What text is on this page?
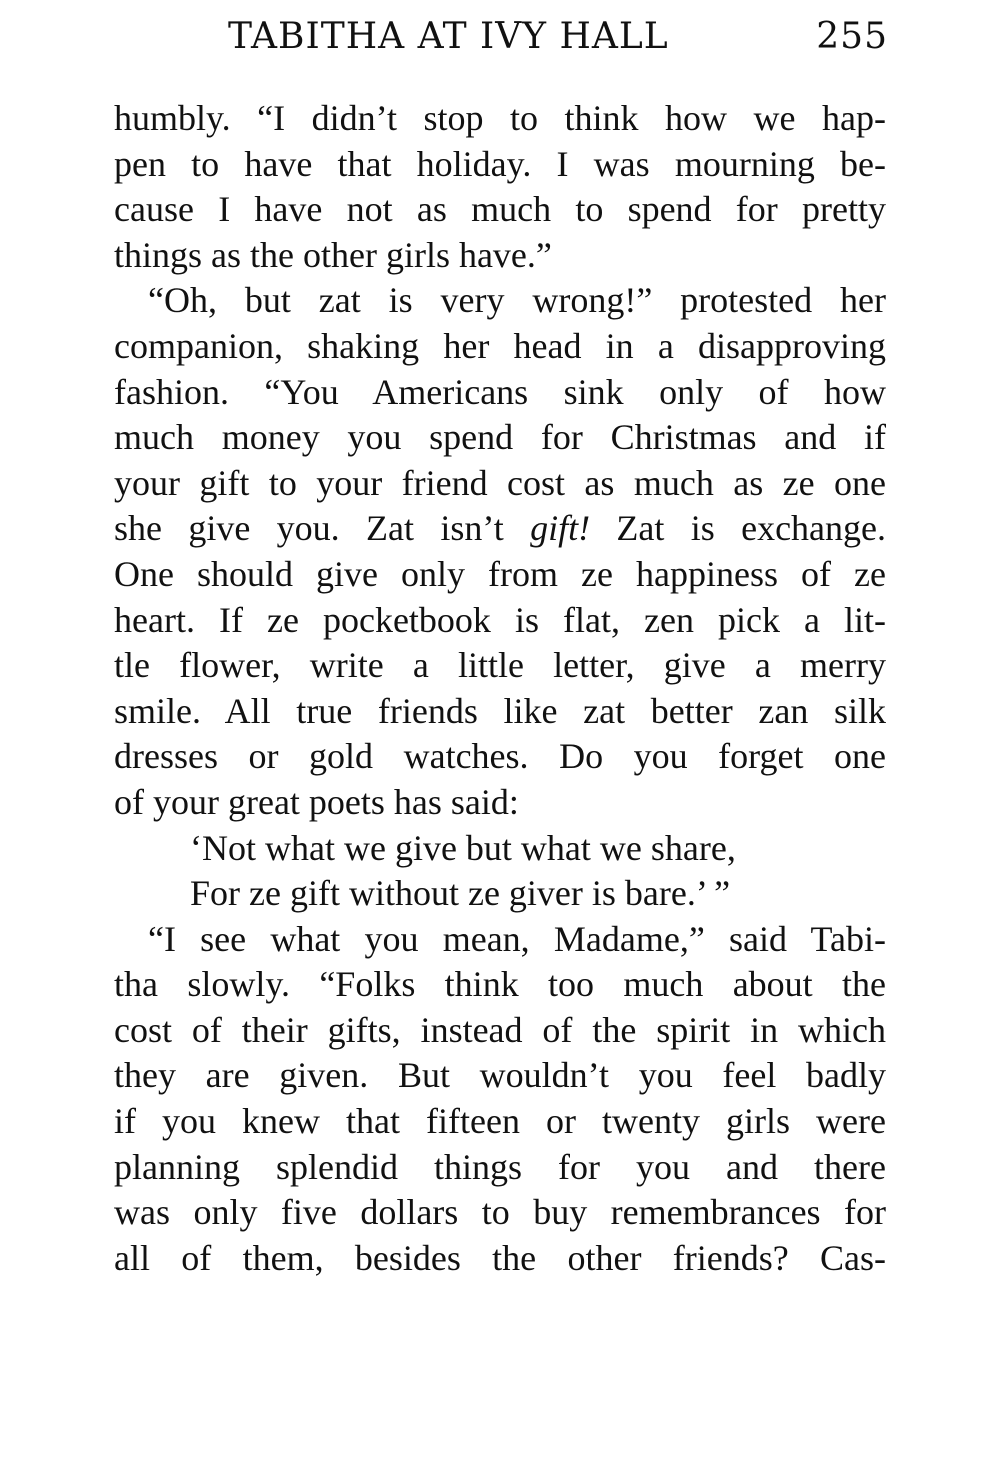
TABITHA AT IVY HALL	255
humbly. “I didn’t stop to think how we hap-
pen to have that holiday. I was mourning be-
cause I have not as much to spend for pretty
things as the other girls have.”
“Oh, but zat is very wrong!” protested her
companion, shaking her head in a disapproving
fashion. “You Americans sink only of how
much money you spend for Christmas and if
your gift to your friend cost as much as ze one
she give you. Zat isn’t gift! Zat is exchange.
One should give only from ze happiness of ze
heart. If ze pocketbook is flat, zen pick a lit-
tle flower, write a little letter, give a merry
smile. All true friends like zat better zan silk
dresses or gold watches. Do you forget one
of your great poets has said:
‘Not what we give but what we share,
For ze gift without ze giver is bare.’ ”
“I see what you mean, Madame,” said Tabi-
tha slowly. “Folks think too much about the
cost of their gifts, instead of the spirit in which
they are given. But wouldn’t you feel badly
if you knew that fifteen or twenty girls were
planning splendid things for you and there
was only five dollars to buy remembrances for
all of them, besides the other friends? Cas-
